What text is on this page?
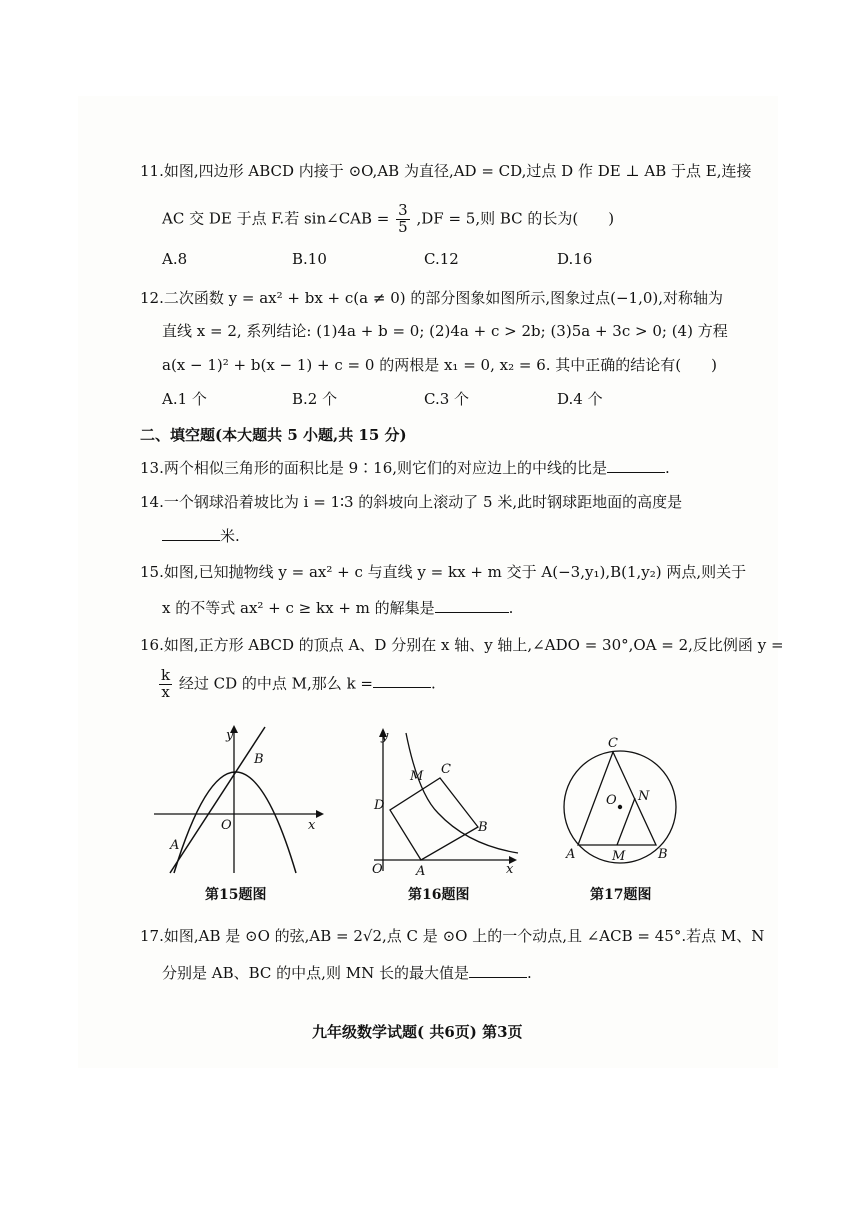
11.如图,四边形 ABCD 内接于 ⊙O,AB 为直径,AD = CD,过点 D 作 DE ⊥ AB 于点 E,连接
AC 交 DE 于点 F.若 sin∠CAB = $\frac{3}{5} ,DF = 5$,则 BC 的长为(　　)
A.8	B.10	C.12	D.16
12.二次函数 y = ax² + bx + c(a ≠ 0) 的部分图象如图所示,图象过点(−1,0),对称轴为
直线 x = 2, 系列结论: (1)4a + b = 0; (2)4a + c > 2b; (3)5a + 3c > 0; (4) 方程
a(x − 1)² + b(x − 1) + c = 0 的两根是 x₁ = 0, x₂ = 6. 其中正确的结论有(　　)
A.1 个	B.2 个	C.3 个	D.4 个
二、填空题(本大题共 5 小题,共 15 分)
13.两个相似三角形的面积比是 9∶16,则它们的对应边上的中线的比是	.
14.一个钢球沿着坡比为 i = 1∶3 的斜坡向上滚动了 5 米,此时钢球距地面的高度是
米.
15.如图,已知抛物线 y = ax² + c 与直线 y = kx + m 交于 A(−3,y₁),B(1,y₂) 两点,则关于
x 的不等式 ax² + c ≥ kx + m 的解集是	.
16.如图,正方形 ABCD 的顶点 A、D 分别在 x 轴、y 轴上,∠ADO = 30°,OA = 2,反比例函 y =
$\frac{k}{x}$ 经过 CD 的中点 M,那么 k =	.
y
x
O
A
B
第15题图
y
x
O	A
B
C
D
M
第16题图
C
O N
A	M	B
第17题图
17.如图,AB 是 ⊙O 的弦,AB = 2√2,点 C 是 ⊙O 上的一个动点,且 ∠ACB = 45°.若点 M、N
分别是 AB、BC 的中点,则 MN 长的最大值是	.
九年级数学试题( 共6页) 第3页
